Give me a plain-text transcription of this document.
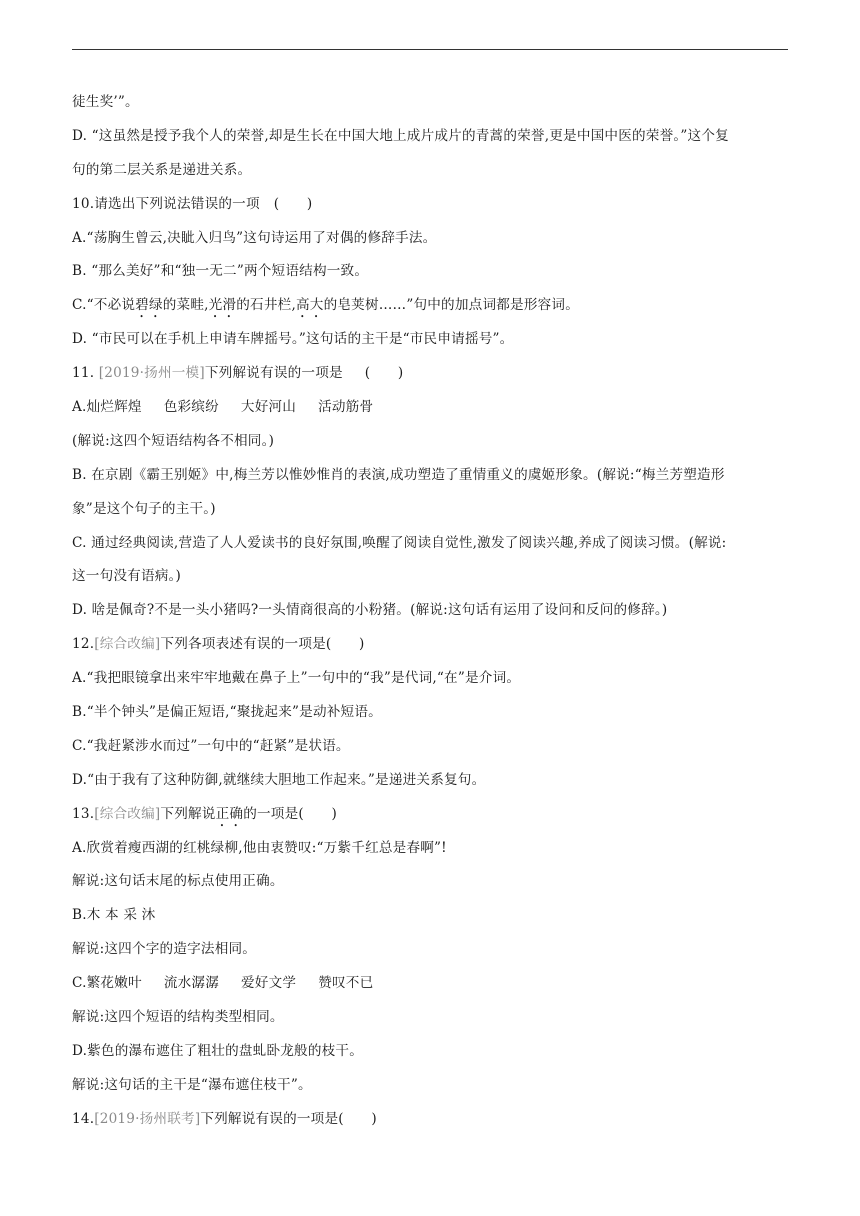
徒生奖’”。
D. “这虽然是授予我个人的荣誉,却是生长在中国大地上成片成片的青蒿的荣誉,更是中国中医的荣誉。”这个复
句的第二层关系是递进关系。
10.请选出下列说法错误的一项 (　　)
A.“荡胸生曾云,决眦入归鸟”这句诗运用了对偶的修辞手法。
B. “那么美好”和“独一无二”两个短语结构一致。
C.“不必说碧绿的菜畦,光滑的石井栏,高大的皂荚树……”句中的加点词都是形容词。
D. “市民可以在手机上申请车牌摇号。”这句话的主干是“市民申请摇号”。
11. [2019·扬州一模]下列解说有误的一项是 (　　)
A.灿烂辉煌 色彩缤纷 大好河山 活动筋骨
(解说:这四个短语结构各不相同。)
B. 在京剧《霸王别姬》中,梅兰芳以惟妙惟肖的表演,成功塑造了重情重义的虞姬形象。(解说:“梅兰芳塑造形
象”是这个句子的主干。)
C. 通过经典阅读,营造了人人爱读书的良好氛围,唤醒了阅读自觉性,激发了阅读兴趣,养成了阅读习惯。(解说:
这一句没有语病。)
D. 啥是佩奇?不是一头小猪吗?一头情商很高的小粉猪。(解说:这句话有运用了设问和反问的修辞。)
12.[综合改编]下列各项表述有误的一项是(　　)
A.“我把眼镜拿出来牢牢地戴在鼻子上”一句中的“我”是代词,“在”是介词。
B.“半个钟头”是偏正短语,“聚拢起来”是动补短语。
C.“我赶紧涉水而过”一句中的“赶紧”是状语。
D.“由于我有了这种防御,就继续大胆地工作起来。”是递进关系复句。
13.[综合改编]下列解说正确的一项是(　　)
A.欣赏着瘦西湖的红桃绿柳,他由衷赞叹:“万紫千红总是春啊”!
解说:这句话末尾的标点使用正确。
B.木 本 采 沐
解说:这四个字的造字法相同。
C.繁花嫩叶 流水潺潺 爱好文学 赞叹不已
解说:这四个短语的结构类型相同。
D.紫色的瀑布遮住了粗壮的盘虬卧龙般的枝干。
解说:这句话的主干是“瀑布遮住枝干”。
14.[2019·扬州联考]下列解说有误的一项是(　　)
